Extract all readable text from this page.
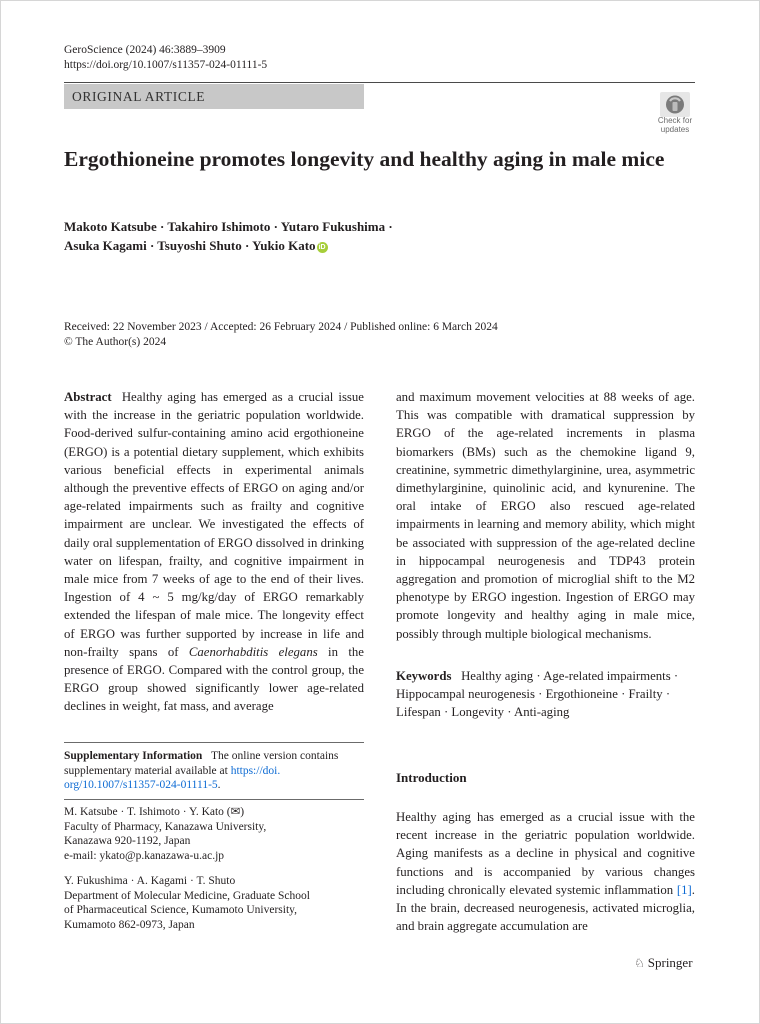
GeroScience (2024) 46:3889–3909
https://doi.org/10.1007/s11357-024-01111-5
ORIGINAL ARTICLE
Check for
updates
Ergothioneine promotes longevity and healthy aging in male mice
Makoto Katsube · Takahiro Ishimoto · Yutaro Fukushima ·
Asuka Kagami · Tsuyoshi Shuto · Yukio Kato iD
Received: 22 November 2023 / Accepted: 26 February 2024 / Published online: 6 March 2024
© The Author(s) 2024
Abstract Healthy aging has emerged as a crucial issue with the increase in the geriatric population worldwide. Food-derived sulfur-containing amino acid ergothioneine (ERGO) is a potential dietary supplement, which exhibits various beneficial effects in experimental animals although the preventive effects of ERGO on aging and/or age-related impairments such as frailty and cognitive impairment are unclear. We investigated the effects of daily oral supplementation of ERGO dissolved in drinking water on lifespan, frailty, and cognitive impairment in male mice from 7 weeks of age to the end of their lives. Ingestion of 4 ~ 5 mg/kg/day of ERGO remarkably extended the lifespan of male mice. The longevity effect of ERGO was further supported by increase in life and non-frailty spans of Caenorhabditis elegans in the presence of ERGO. Compared with the control group, the ERGO group showed significantly lower age-related declines in weight, fat mass, and average
and maximum movement velocities at 88 weeks of age. This was compatible with dramatical suppression by ERGO of the age-related increments in plasma biomarkers (BMs) such as the chemokine ligand 9, creatinine, symmetric dimethylarginine, urea, asymmetric dimethylarginine, quinolinic acid, and kynurenine. The oral intake of ERGO also rescued age-related impairments in learning and memory ability, which might be associated with suppression of the age-related decline in hippocampal neurogenesis and TDP43 protein aggregation and promotion of microglial shift to the M2 phenotype by ERGO ingestion. Ingestion of ERGO may promote longevity and healthy aging in male mice, possibly through multiple biological mechanisms.
Keywords Healthy aging · Age-related impairments · Hippocampal neurogenesis · Ergothioneine · Frailty · Lifespan · Longevity · Anti-aging
Introduction
Healthy aging has emerged as a crucial issue with the recent increase in the geriatric population worldwide. Aging manifests as a decline in physical and cognitive functions and is accompanied by various changes including chronically elevated systemic inflammation [1]. In the brain, decreased neurogenesis, activated microglia, and brain aggregate accumulation are
Supplementary Information The online version contains supplementary material available at https://doi.
org/10.1007/s11357-024-01111-5.
M. Katsube · T. Ishimoto · Y. Kato (✉)
Faculty of Pharmacy, Kanazawa University,
Kanazawa 920-1192, Japan
e-mail: ykato@p.kanazawa-u.ac.jp
Y. Fukushima · A. Kagami · T. Shuto
Department of Molecular Medicine, Graduate School
of Pharmaceutical Science, Kumamoto University,
Kumamoto 862-0973, Japan
♘ Springer
